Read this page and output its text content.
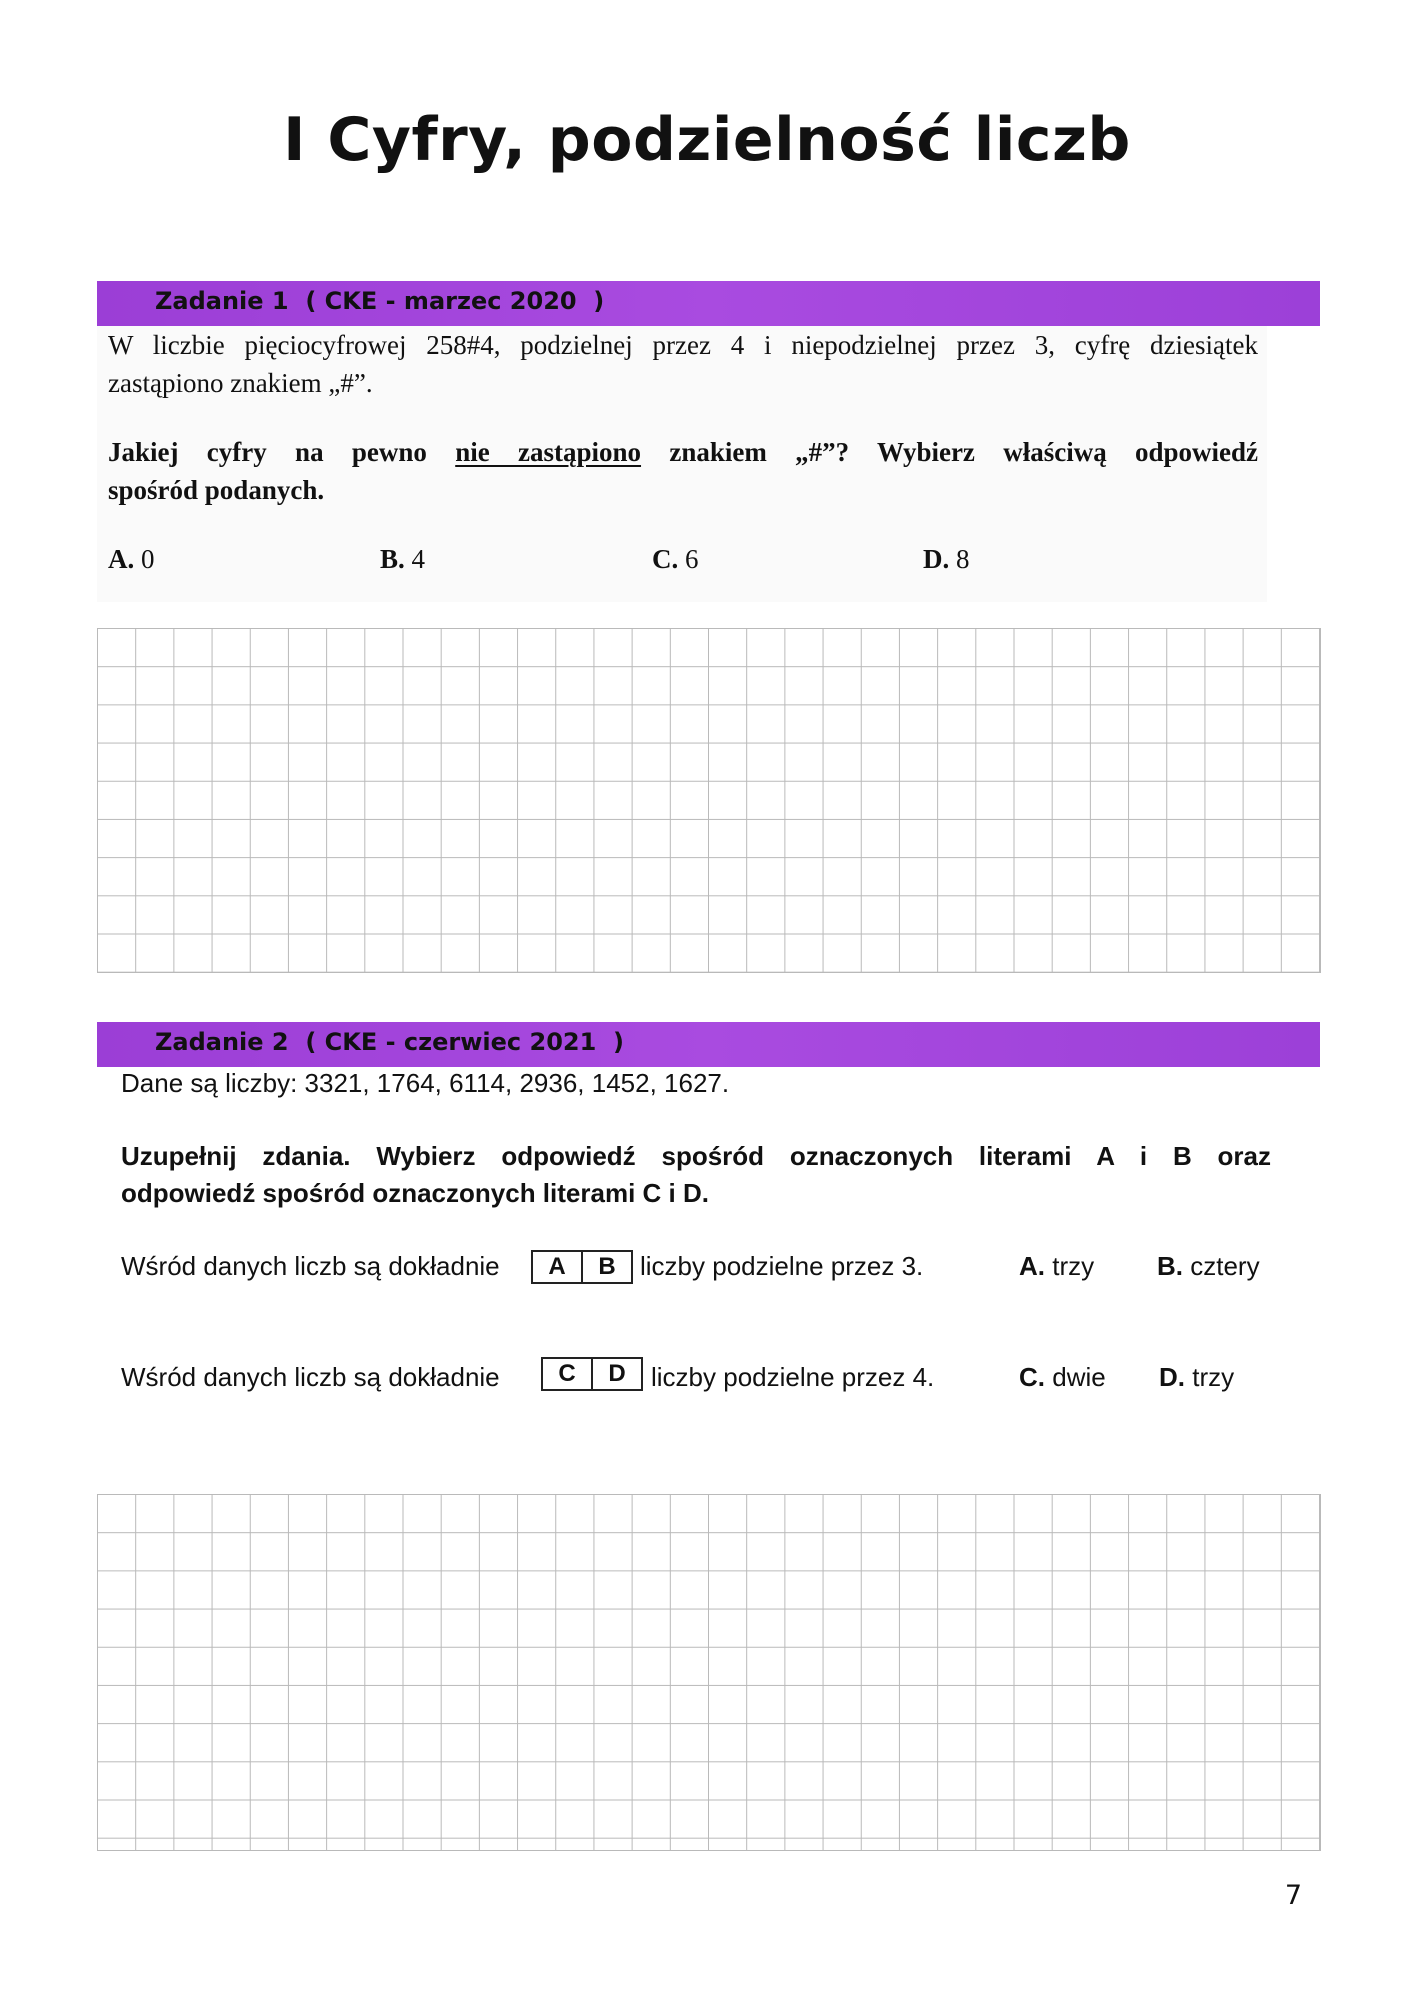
I Cyfry, podzielność liczb
Zadanie 1  ( CKE - marzec 2020  )

W liczbie pięciocyfrowej 258#4, podzielnej przez 4 i niepodzielnej przez 3, cyfrę dziesiątek

zastąpiono znakiem „#”.

Jakiej cyfry na pewno nie zastąpiono znakiem „#”? Wybierz właściwą odpowiedź

spośród podanych.

A. 0	B. 4	C. 6	D. 8
Zadanie 2  ( CKE - czerwiec 2021  )

Dane są liczby: 3321, 1764, 6114, 2936, 1452, 1627.

Uzupełnij zdania. Wybierz odpowiedź spośród oznaczonych literami A i B oraz

odpowiedź spośród oznaczonych literami C i D.

Wśród danych liczb są dokładnie	A	B liczby podzielne przez 3.	A. trzy B. cztery

Wśród danych liczb są dokładnie	C	D liczby podzielne przez 4.	C. dwie D. trzy

7
